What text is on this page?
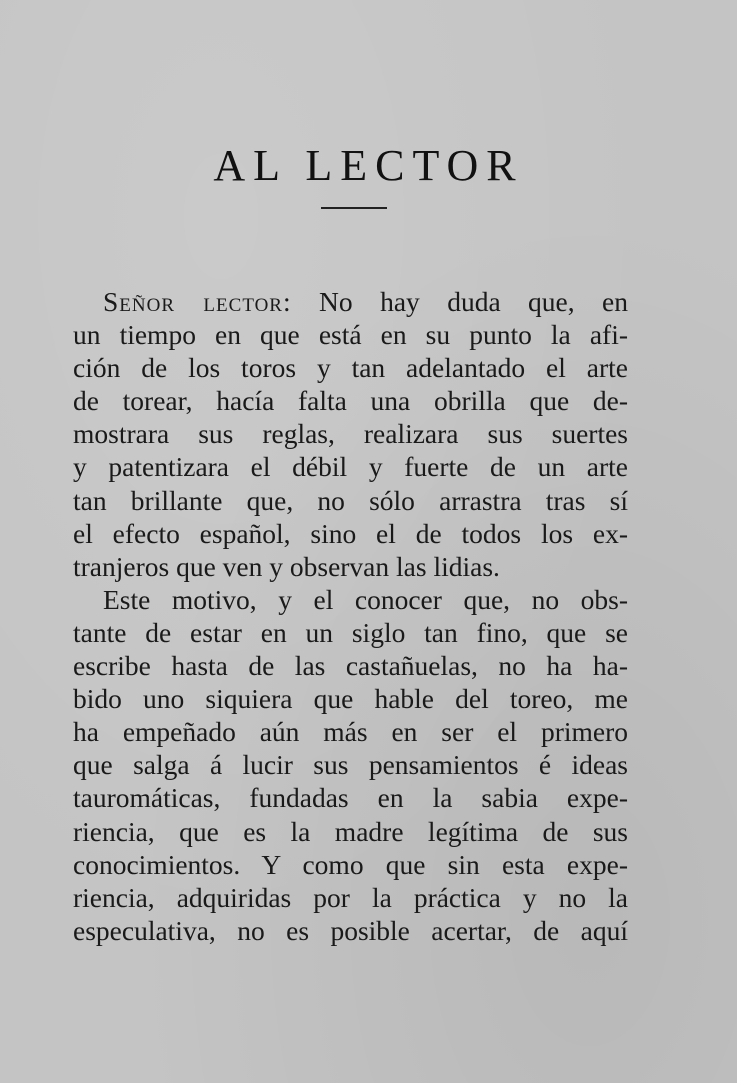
AL LECTOR
Señor lector: No hay duda que, en
un tiempo en que está en su punto la afi-
ción de los toros y tan adelantado el arte
de torear, hacía falta una obrilla que de-
mostrara sus reglas, realizara sus suertes
y patentizara el débil y fuerte de un arte
tan brillante que, no sólo arrastra tras sí
el efecto español, sino el de todos los ex-
tranjeros que ven y observan las lidias.
Este motivo, y el conocer que, no obs-
tante de estar en un siglo tan fino, que se
escribe hasta de las castañuelas, no ha ha-
bido uno siquiera que hable del toreo, me
ha empeñado aún más en ser el primero
que salga á lucir sus pensamientos é ideas
tauromáticas, fundadas en la sabia expe-
riencia, que es la madre legítima de sus
conocimientos. Y como que sin esta expe-
riencia, adquiridas por la práctica y no la
especulativa, no es posible acertar, de aquí
